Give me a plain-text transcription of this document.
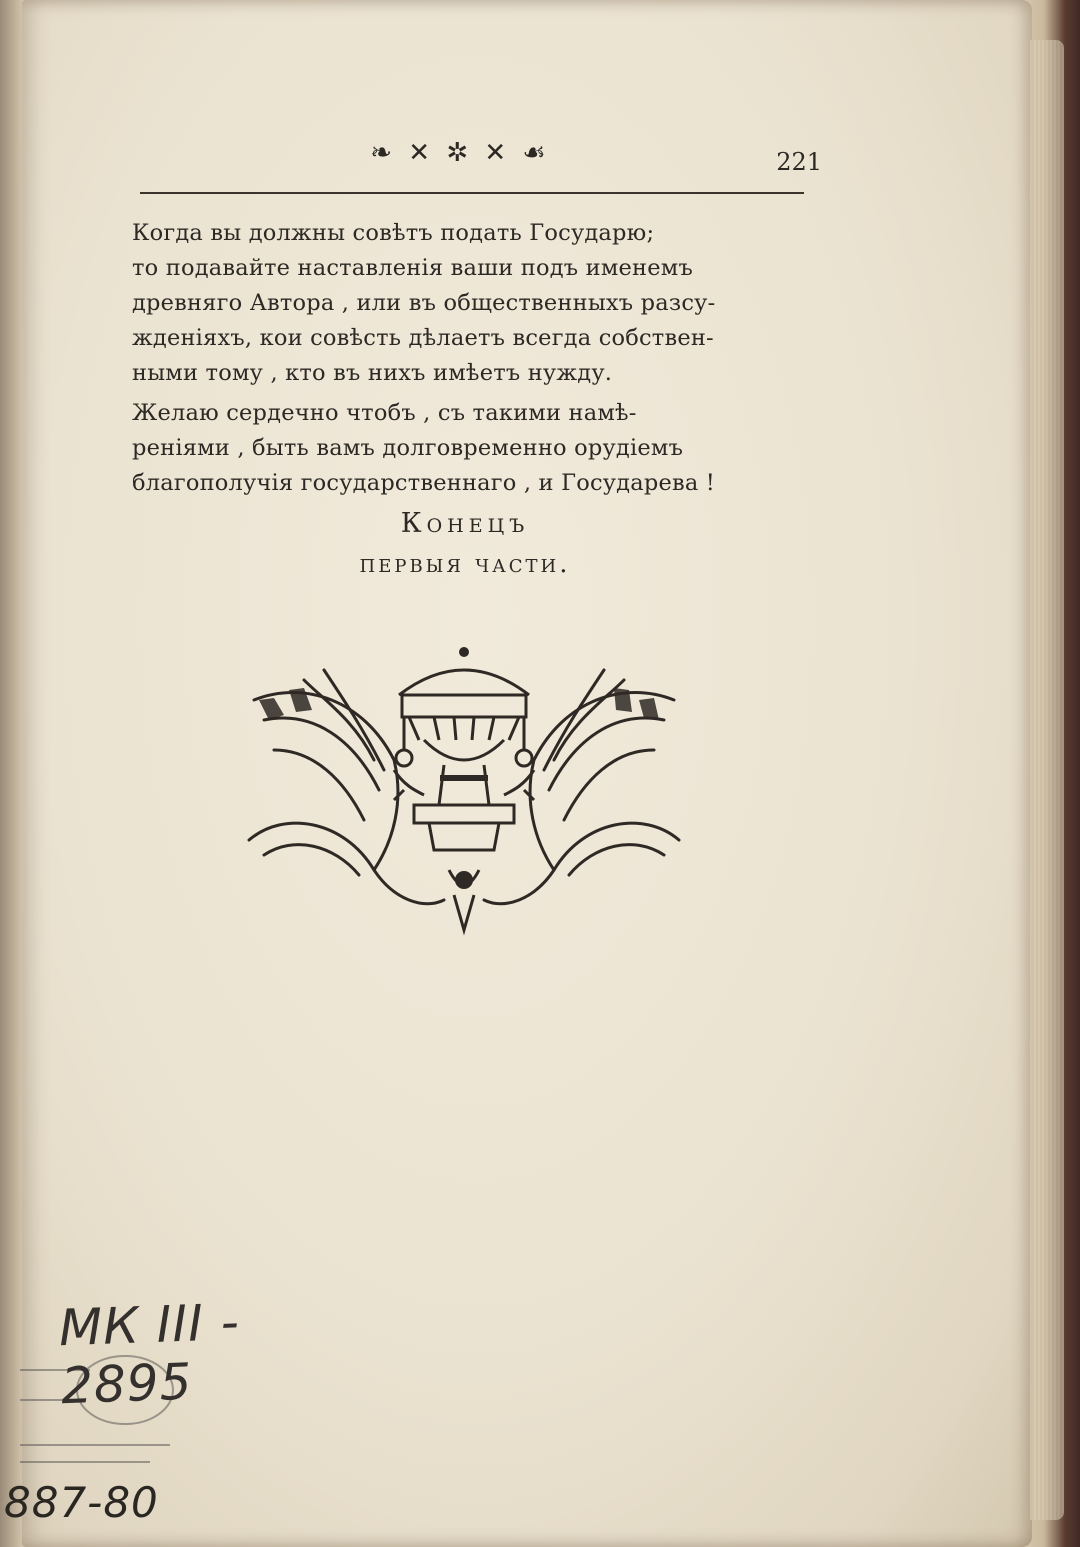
❧ ✕ ✲ ✕ ☙	221
Когда вы должны совѣтъ подать Государю;
то подавайте наставленія ваши подъ именемъ
древняго Автора , или въ общественныхъ разсу-
жденіяхъ, кои совѣсть дѣлаетъ всегда собствен-
ными тому , кто въ нихъ имѣетъ нужду.
Желаю сердечно чтобъ , съ такими намѣ-
реніями , быть вамъ долговременно орудіемъ
благополучія государственнаго , и Государева !
Конецъ
первыя части.
МК III - 2895
887-80
